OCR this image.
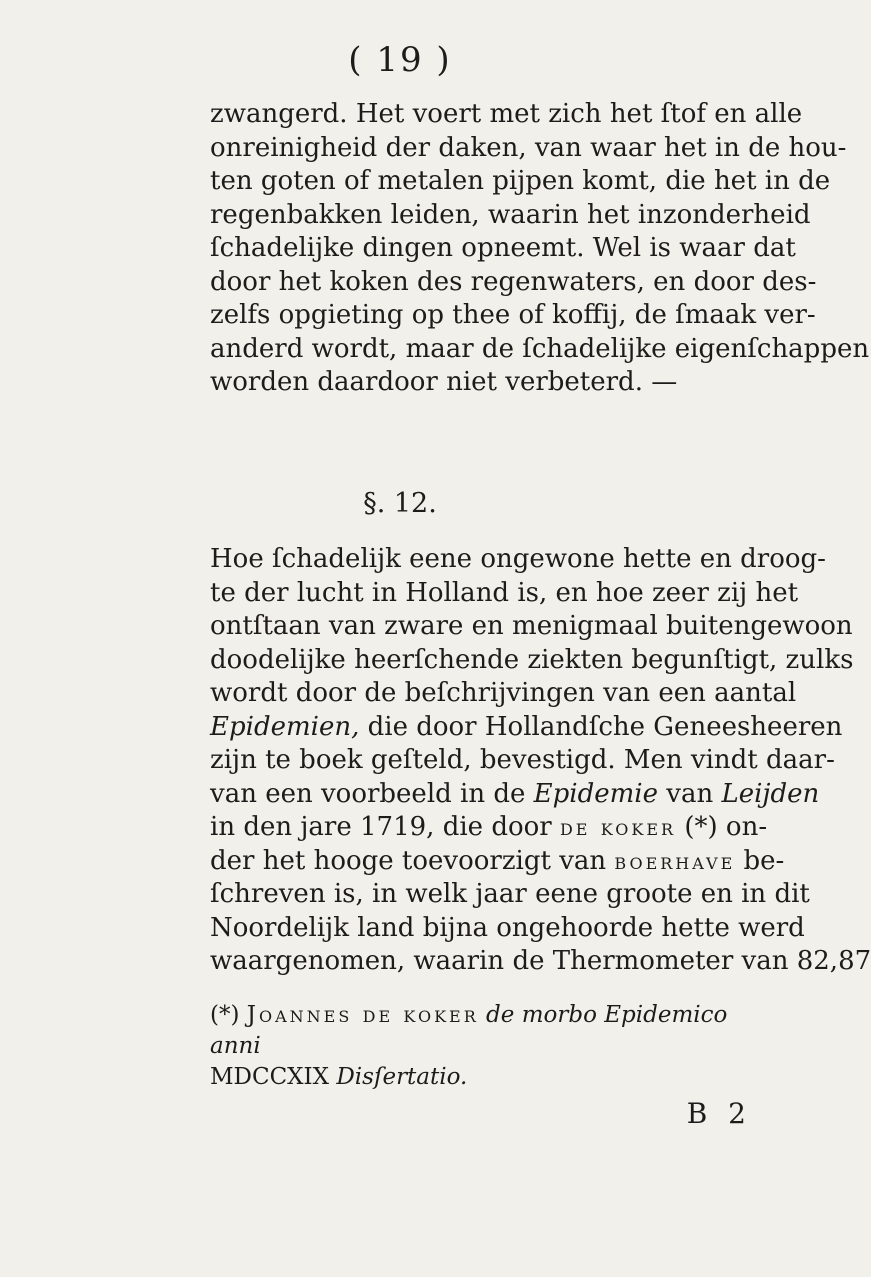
( 19 )
zwangerd. Het voert met zich het ſtof en alle
onreinigheid der daken, van waar het in de hou-
ten goten of metalen pijpen komt, die het in de
regenbakken leiden, waarin het inzonderheid
ſchadelijke dingen opneemt. Wel is waar dat
door het koken des regenwaters, en door des-
zelfs opgieting op thee of koffij, de ſmaak ver-
anderd wordt, maar de ſchadelijke eigenſchappen
worden daardoor niet verbeterd. —
§. 12.
Hoe ſchadelijk eene ongewone hette en droog-
te der lucht in Holland is, en hoe zeer zij het
ontſtaan van zware en menigmaal buitengewoon
doodelijke heerſchende ziekten begunſtigt, zulks
wordt door de beſchrijvingen van een aantal
Epidemien, die door Hollandſche Geneesheeren
zijn te boek geſteld, bevestigd. Men vindt daar-
van een voorbeeld in de Epidemie van Leijden
in den jare 1719, die door de koker (*) on-
der het hooge toevoorzigt van boerhave be-
ſchreven is, in welk jaar eene groote en in dit
Noordelijk land bijna ongehoorde hette werd
waargenomen, waarin de Thermometer van 82,87
(*) Joannes de koker de morbo Epidemico anni
MDCCXIX Disſertatio.
B 2
